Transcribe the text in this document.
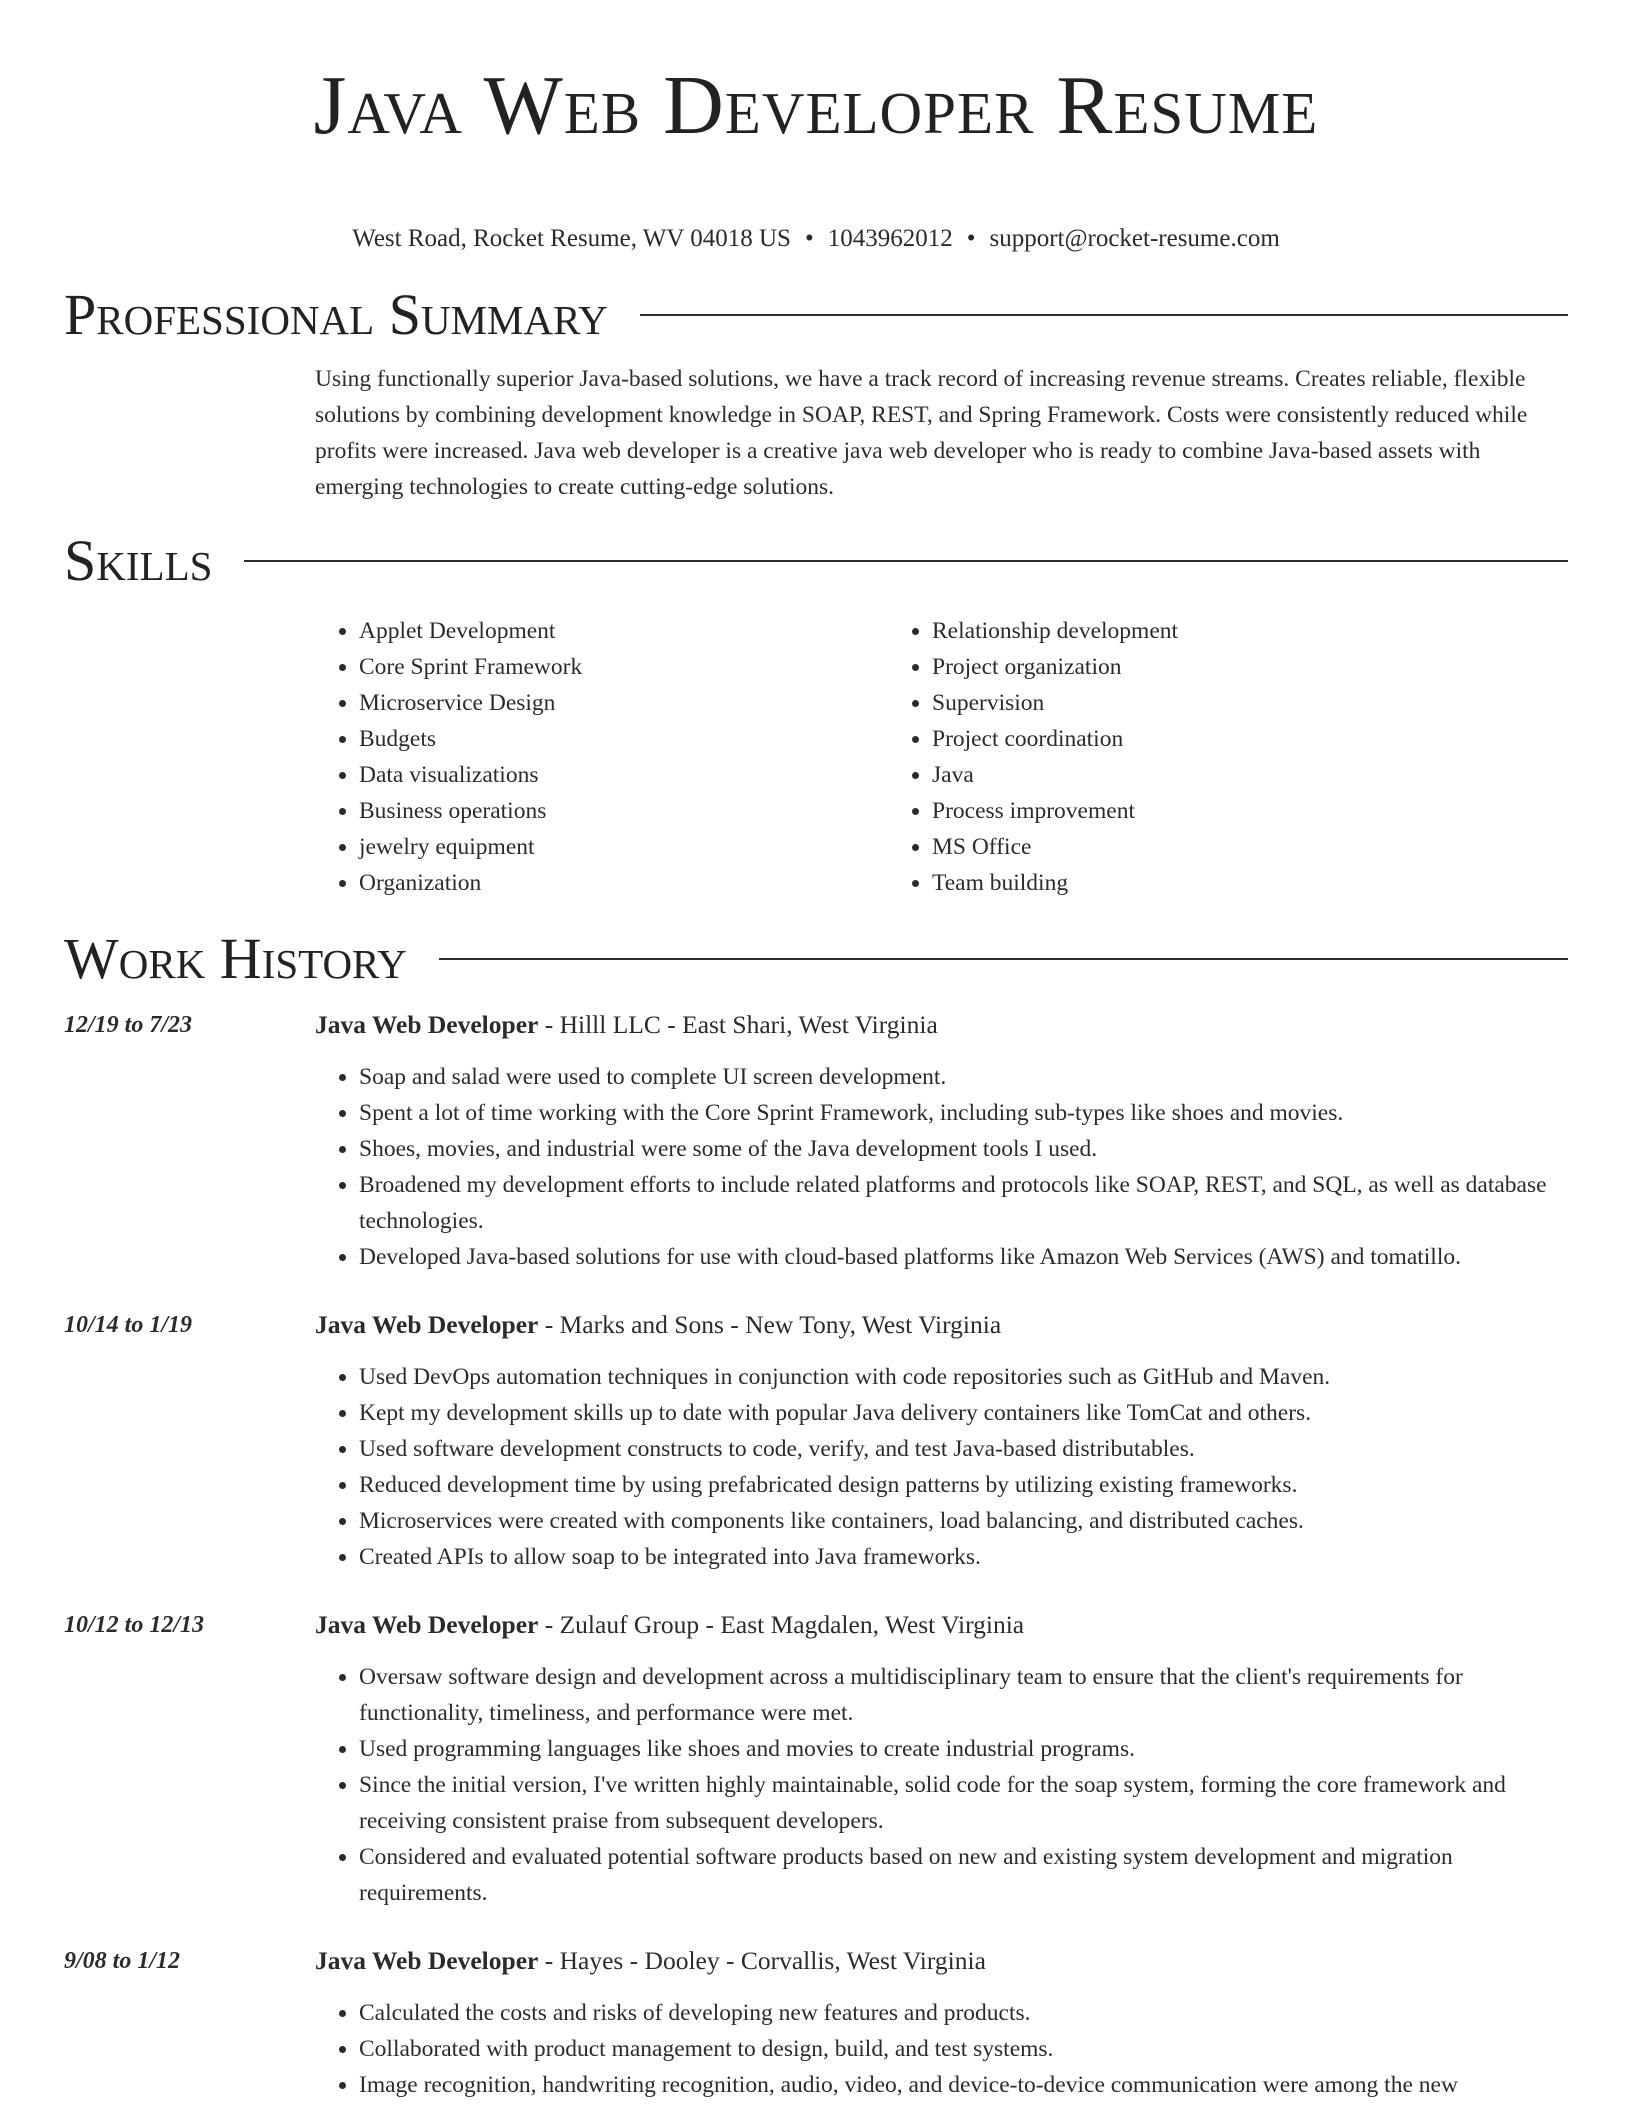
Java Web Developer Resume
West Road, Rocket Resume, WV 04018 US • 1043962012 • support@rocket-resume.com
Professional Summary

Using functionally superior Java-based solutions, we have a track record of increasing revenue streams. Creates reliable, flexible solutions by combining development knowledge in SOAP, REST, and Spring Framework. Costs were consistently reduced while profits were increased. Java web developer is a creative java web developer who is ready to combine Java-based assets with emerging technologies to create cutting-edge solutions.

Skills
• Applet Development
• Core Sprint Framework
• Microservice Design
• Budgets
• Data visualizations
• Business operations
• jewelry equipment
• Organization
• Relationship development
• Project organization
• Supervision
• Project coordination
• Java
• Process improvement
• MS Office
• Team building
Work History
12/19 to 7/23	Java Web Developer - Hilll LLC - East Shari, West Virginia
• Soap and salad were used to complete UI screen development.
• Spent a lot of time working with the Core Sprint Framework, including sub-types like shoes and movies.
• Shoes, movies, and industrial were some of the Java development tools I used.
• Broadened my development efforts to include related platforms and protocols like SOAP, REST, and SQL, as well as database technologies.
• Developed Java-based solutions for use with cloud-based platforms like Amazon Web Services (AWS) and tomatillo.
10/14 to 1/19	Java Web Developer - Marks and Sons - New Tony, West Virginia
• Used DevOps automation techniques in conjunction with code repositories such as GitHub and Maven.
• Kept my development skills up to date with popular Java delivery containers like TomCat and others.
• Used software development constructs to code, verify, and test Java-based distributables.
• Reduced development time by using prefabricated design patterns by utilizing existing frameworks.
• Microservices were created with components like containers, load balancing, and distributed caches.
• Created APIs to allow soap to be integrated into Java frameworks.
10/12 to 12/13	Java Web Developer - Zulauf Group - East Magdalen, West Virginia
• Oversaw software design and development across a multidisciplinary team to ensure that the client's requirements for functionality, timeliness, and performance were met.
• Used programming languages like shoes and movies to create industrial programs.
• Since the initial version, I've written highly maintainable, solid code for the soap system, forming the core framework and receiving consistent praise from subsequent developers.
• Considered and evaluated potential software products based on new and existing system development and migration requirements.
9/08 to 1/12	Java Web Developer - Hayes - Dooley - Corvallis, West Virginia
• Calculated the costs and risks of developing new features and products.
• Collaborated with product management to design, build, and test systems.
• Image recognition, handwriting recognition, audio, video, and device-to-device communication were among the new
